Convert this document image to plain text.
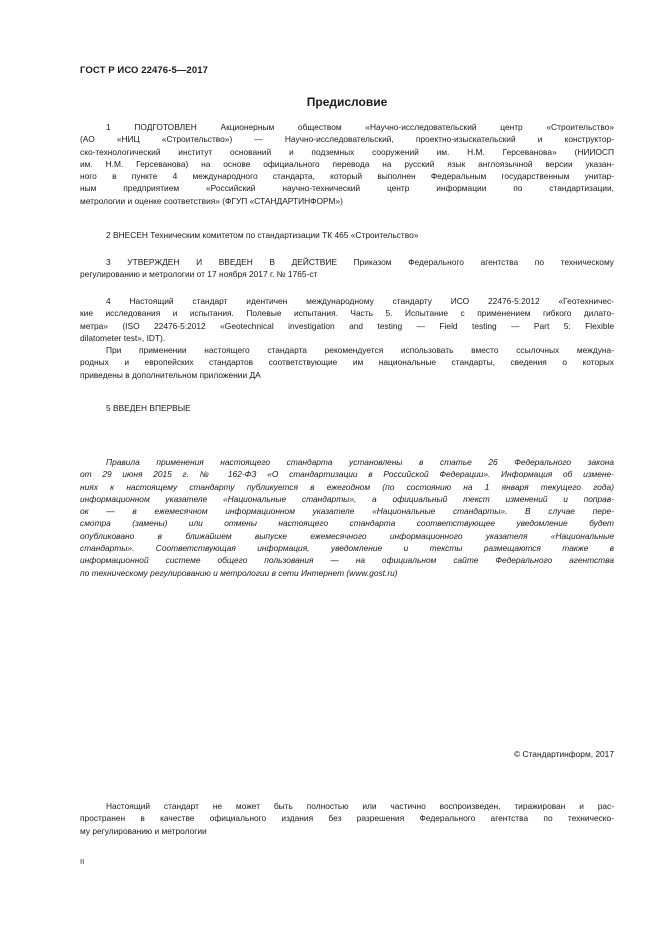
ГОСТ Р ИСО 22476-5—2017
Предисловие
1 ПОДГОТОВЛЕН Акционерным обществом «Научно-исследовательский центр «Строительство»
(АО «НИЦ «Строительство») — Научно-исследовательский, проектно-изыскательский и конструктор-
ско-технологический институт оснований и подземных сооружений им. Н.М. Герсеванова» (НИИОСП
им. Н.М. Герсеванова) на основе официального перевода на русский язык англоязычной версии указан-
ного в пункте 4 международного стандарта, который выполнен Федеральным государственным унитар-
ным предприятием «Российский научно-технический центр информации по стандартизации,
метрологии и оценке соответствия» (ФГУП «СТАНДАРТИНФОРМ»)
2 ВНЕСЕН Техническим комитетом по стандартизации ТК 465 «Строительство»
3 УТВЕРЖДЕН И ВВЕДЕН В ДЕЙСТВИЕ Приказом Федерального агентства по техническому
регулированию и метрологии от 17 ноября 2017 г. № 1765-ст
4 Настоящий стандарт идентичен международному стандарту ИСО 22476-5:2012 «Геотехничес-
кие исследования и испытания. Полевые испытания. Часть 5. Испытание с применением гибкого дилато-
метра» (ISO 22476-5:2012 «Geotechnical investigation and testing — Field testing — Part 5: Flexible
dilatometer test», IDT).
При применении настоящего стандарта рекомендуется использовать вместо ссылочных междуна-
родных и европейских стандартов соответствующие им национальные стандарты, сведения о которых
приведены в дополнительном приложении ДА
5 ВВЕДЕН ВПЕРВЫЕ
Правила применения настоящего стандарта установлены в статье 26 Федерального закона
от 29 июня 2015 г. № 162-ФЗ «О стандартизации в Российской Федерации». Информация об измене-
ниях к настоящему стандарту публикуется в ежегодном (по состоянию на 1 января текущего года)
информационном указателе «Национальные стандарты», а официальный текст изменений и поправ-
ок — в ежемесячном информационном указателе «Национальные стандарты». В случае пере-
смотра (замены) или отмены настоящего стандарта соответствующее уведомление будет
опубликовано в ближайшем выпуске ежемесячного информационного указателя «Национальные
стандарты». Соответствующая информация, уведомление и тексты размещаются также в
информационной системе общего пользования — на официальном сайте Федерального агентства
по техническому регулированию и метрологии в сети Интернет (www.gost.ru)
© Стандартинформ, 2017
Настоящий стандарт не может быть полностью или частично воспроизведен, тиражирован и рас-
пространен в качестве официального издания без разрешения Федерального агентства по техническо-
му регулированию и метрологии
II
